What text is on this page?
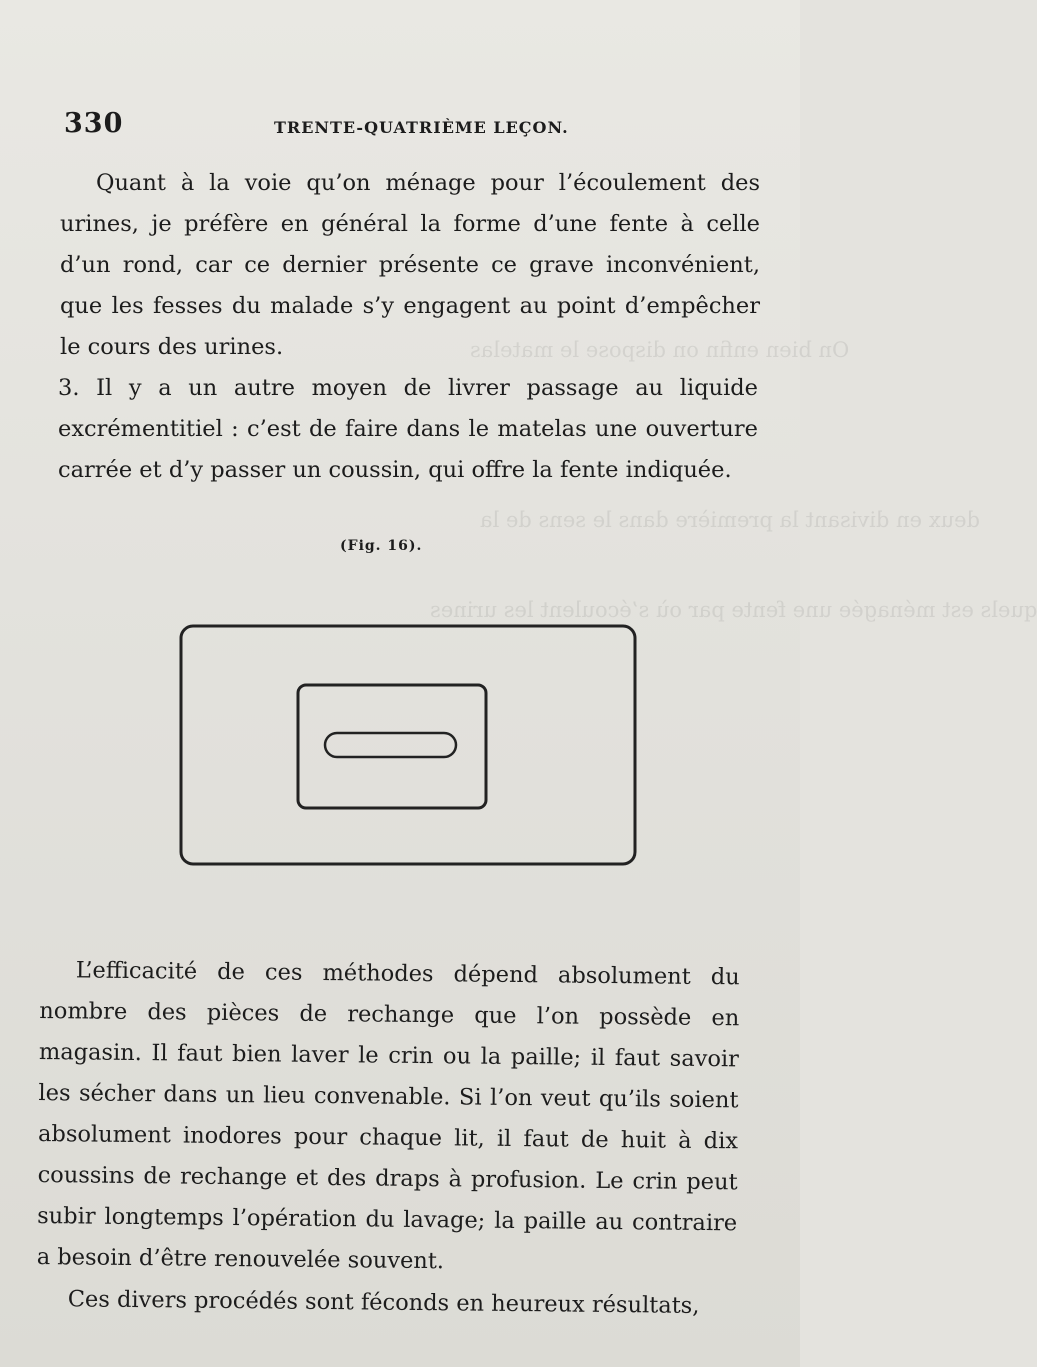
On bien enfin on dispose le matelas
deux en divisant la première dans le sens de la
quels est ménagée une fente par où s’écoulent les urines
330	TRENTE-QUATRIÈME LEÇON.

Quant à la voie qu’on ménage pour l’écoulement des urines, je préfère en général la forme d’une fente à celle d’un rond, car ce dernier présente ce grave inconvénient, que les fesses du malade s’y engagent au point d’empêcher le cours des urines.

3. Il y a un autre moyen de livrer passage au liquide excrémentitiel : c’est de faire dans le matelas une ouverture carrée et d’y passer un coussin, qui offre la fente indiquée.

(Fig. 16).

L’efficacité de ces méthodes dépend absolument du nombre des pièces de rechange que l’on possède en magasin. Il faut bien laver le crin ou la paille; il faut savoir les sécher dans un lieu convenable. Si l’on veut qu’ils soient absolument inodores pour chaque lit, il faut de huit à dix coussins de rechange et des draps à profusion. Le crin peut subir longtemps l’opération du lavage; la paille au contraire a besoin d’être renouvelée souvent.

Ces divers procédés sont féconds en heureux résultats,
